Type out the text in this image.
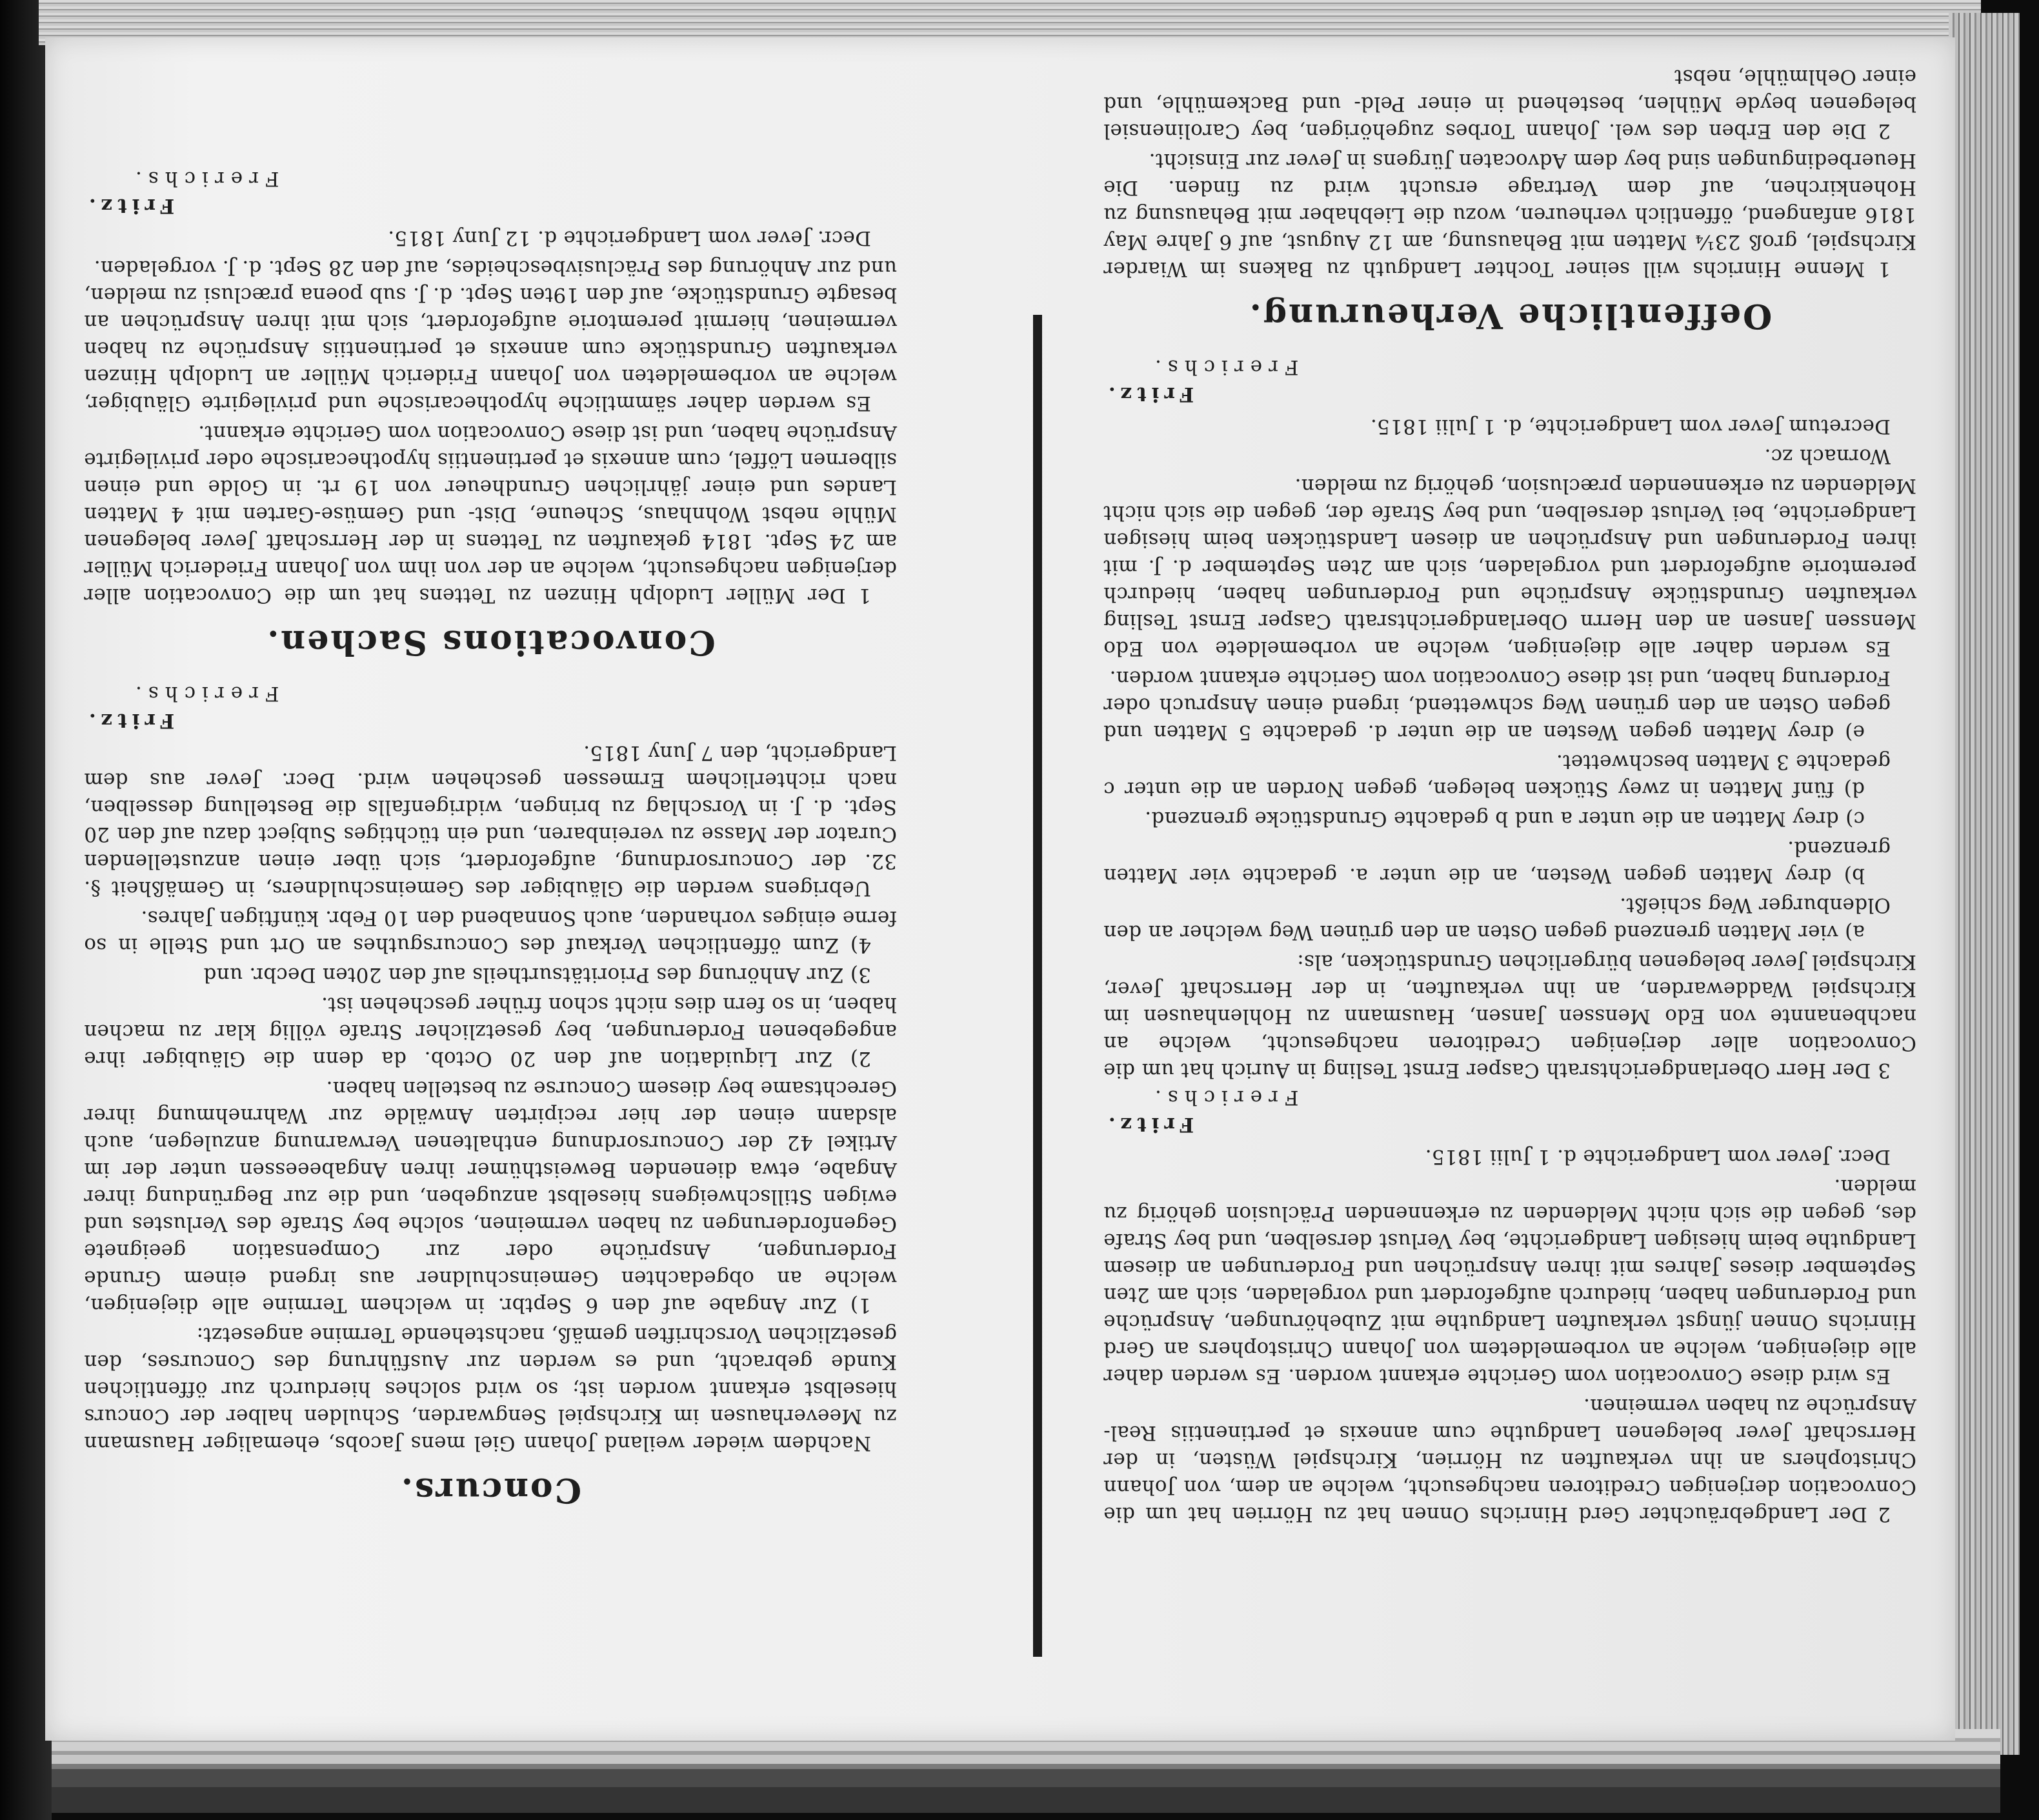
Concurs.

Nachdem wieder weiland Johann Giel mens Jacobs, ehemaliger Hausmann zu Meeverhausen im Kirchspiel Sengwarden, Schulden halber der Concurs hieselbst erkannt worden ist; so wird solches hierdurch zur öffentlichen Kunde gebracht, und es werden zur Ausführung des Concurses, den gesetzlichen Vorschriften gemäß, nachstehende Termine angesetzt:

1) Zur Angabe auf den 6 Septbr. in welchem Termine alle diejenigen, welche an obgedachten Gemeinschuldner aus irgend einem Grunde Forderungen, Ansprüche oder zur Compensation geeignete Gegenforderungen zu haben vermeinen, solche bey Strafe des Verlustes und ewigen Stillschweigens hieselbst anzugeben, und die zur Begründung ihrer Angabe, etwa dienenden Beweisthümer ihren Angabeeessen unter der im Artikel 42 der Concursordnung enthaltenen Verwarnung anzulegen, auch alsdann einen der hier recipirten Anwälde zur Wahrnehmung ihrer Gerechtsame bey diesem Concurse zu bestellen haben.

2) Zur Liquidation auf den 20 Octob. da denn die Gläubiger ihre angegebenen Forderungen, bey gesetzlicher Strafe völlig klar zu machen haben, in so fern dies nicht schon früher geschehen ist.

3) Zur Anhörung des Prioritätsurtheils auf den 20ten Decbr. und

4) Zum öffentlichen Verkauf des Concursguthes an Ort und Stelle in so ferne einiges vorhanden, auch Sonnabend den 10 Febr. künftigen Jahres.

Uebrigens werden die Gläubiger des Gemeinschuldners, in Gemäßheit §. 32. der Concursordnung, aufgefordert, sich über einen anzustellenden Curator der Masse zu vereinbaren, und ein tüchtiges Subject dazu auf den 20 Sept. d. J. in Vorschlag zu bringen, widrigenfalls die Bestellung desselben, nach richterlichem Ermessen geschehen wird. Decr. Jever aus dem Landgericht, den 7 Juny 1815.

Fritz.
Frerichs.
Convocations Sachen.

1 Der Müller Ludolph Hinzen zu Tettens hat um die Convocation aller derjenigen nachgesucht, welche an der von ihm von Johann Friederich Müller am 24 Sept. 1814 gekauften zu Tettens in der Herrschaft Jever belegenen Mühle nebst Wohnhaus, Scheune, Dist- und Gemüse-Garten mit 4 Matten Landes und einer jährlichen Grundheuer von 19 rt. in Golde und einen silbernen Löffel, cum annexis et pertinentiis hypothecarische oder privilegirte Ansprüche haben, und ist diese Convocation vom Gerichte erkannt.

Es werden daher sämmtliche hypothecarische und privilegirte Gläubiger, welche an vorbemeldeten von Johann Friderich Müller an Ludolph Hinzen verkauften Grundstücke cum annexis et pertinentiis Ansprüche zu haben vermeinen, hiermit peremtorie aufgefordert, sich mit ihren Ansprüchen an besagte Grundstücke, auf den 19ten Sept. d. J. sub poena præclusi zu melden, und zur Anhörung des Präclusivbescheides, auf den 28 Sept. d. J. vorgeladen.

Decr. Jever vom Landgerichte d. 12 Juny 1815.
Fritz.
Frerichs.

2 Der Landgebräuchter Gerd Hinrichs Onnen hat zu Hörrien hat um die Convocation derjenigen Creditoren nachgesucht, welche an dem, von Johann Christophers an ihn verkauften zu Hörrien, Kirchspiel Wüsten, in der Herrschaft Jever belegenen Landguthe cum annexis et pertinentiis Real-Ansprüche zu haben vermeinen.

Es wird diese Convocation vom Gerichte erkannt worden. Es werden daher alle diejenigen, welche an vorbemeldetem von Johann Christophers an Gerd Hinrichs Onnen jüngst verkauften Landguthe mit Zubehörungen, Ansprüche und Forderungen haben, hiedurch aufgefordert und vorgeladen, sich am 2ten September dieses Jahres mit ihren Ansprüchen und Forderungen an diesem Landguthe beim hiesigen Landgerichte, bey Verlust derselben, und bey Strafe des, gegen die sich nicht Meldenden zu erkennenden Präclusion gehörig zu melden.

Decr. Jever vom Landgerichte d. 1 Julii 1815.
Fritz.
Frerichs.

3 Der Herr Oberlandgerichtsrath Casper Ernst Tesling in Aurich hat um die Convocation aller derjenigen Creditoren nachgesucht, welche an nachbenannte von Edo Menssen Jansen, Hausmann zu Hohlenhausen im Kirchspiel Waddewarden, an ihn verkauften, in der Herrschaft Jever, Kirchspiel Jever belegenen bürgerlichen Grundstücken, als:

a) vier Matten grenzend gegen Osten an den grünen Weg welcher an den Oldenburger Weg schießt.

b) drey Matten gegen Westen, an die unter a. gedachte vier Matten grenzend.

c) drey Matten an die unter a und b gedachte Grundstücke grenzend.

d) fünf Matten in zwey Stücken belegen, gegen Norden an die unter c gedachte 3 Matten beschwettet.

e) drey Matten gegen Westen an die unter d. gedachte 5 Matten und gegen Osten an den grünen Weg schwettend, irgend einen Anspruch oder Forderung haben, und ist diese Convocation vom Gerichte erkannt worden.

Es werden daher alle diejenigen, welche an vorbemeldete von Edo Menssen Jansen an den Herrn Oberlandgerichtsrath Casper Ernst Tesling verkauften Grundstücke Ansprüche und Forderungen haben, hiedurch peremtorie aufgefordert und vorgeladen, sich am 2ten September d. J. mit ihren Forderungen und Ansprüchen an diesen Landstücken beim hiesigen Landgerichte, bei Verlust derselben, und bey Strafe der, gegen die sich nicht Meldenden zu erkennenden præclusion, gehörig zu melden.

Wornach zc.

Decretum Jever vom Landgerichte, d. 1 Julii 1815.
Fritz.
Frerichs.
Oeffentliche Verheurung.

1 Menne Hinrichs will seiner Tochter Landguth zu Bakens im Wiarder Kirchspiel, groß 23¼ Matten mit Behausung, am 12 August, auf 6 Jahre May 1816 anfangend, öffentlich verheuren, wozu die Liebhaber mit Behausung zu Hohenkirchen, auf dem Vertrage ersucht wird zu finden. Die Heuerbedingungen sind bey dem Advocaten Jürgens in Jever zur Einsicht.

2 Die den Erben des wel. Johann Torbes zugehörigen, bey Carolinensiel belegenen beyde Mühlen, bestehend in einer Peld- und Backemühle, und einer Oehlmühle, nebst
